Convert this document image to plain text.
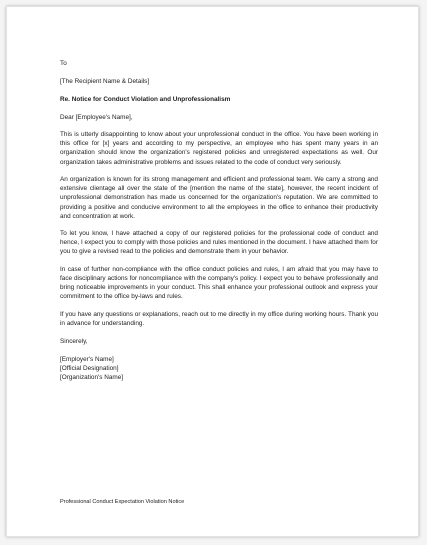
To

[The Recipient Name & Details]

Re. Notice for Conduct Violation and Unprofessionalism

Dear [Employee's Name],

This is utterly disappointing to know about your unprofessional conduct in the office. You have been working in this office for [x] years and according to my perspective, an employee who has spent many years in an organization should know the organization's registered policies and unregistered expectations as well. Our organization takes administrative problems and issues related to the code of conduct very seriously.

An organization is known for its strong management and efficient and professional team. We carry a strong and extensive clientage all over the state of the [mention the name of the state], however, the recent incident of unprofessional demonstration has made us concerned for the organization's reputation. We are committed to providing a positive and conducive environment to all the employees in the office to enhance their productivity and concentration at work.

To let you know, I have attached a copy of our registered policies for the professional code of conduct and hence, I expect you to comply with those policies and rules mentioned in the document. I have attached them for you to give a revised read to the policies and demonstrate them in your behavior.

In case of further non-compliance with the office conduct policies and rules, I am afraid that you may have to face disciplinary actions for noncompliance with the company's policy. I expect you to behave professionally and bring noticeable improvements in your conduct. This shall enhance your professional outlook and express your commitment to the office by-laws and rules.

If you have any questions or explanations, reach out to me directly in my office during working hours. Thank you in advance for understanding.

Sincerely,

[Employer's Name]
[Official Designation]
[Organization's Name]

Professional Conduct Expectation Violation Notice
